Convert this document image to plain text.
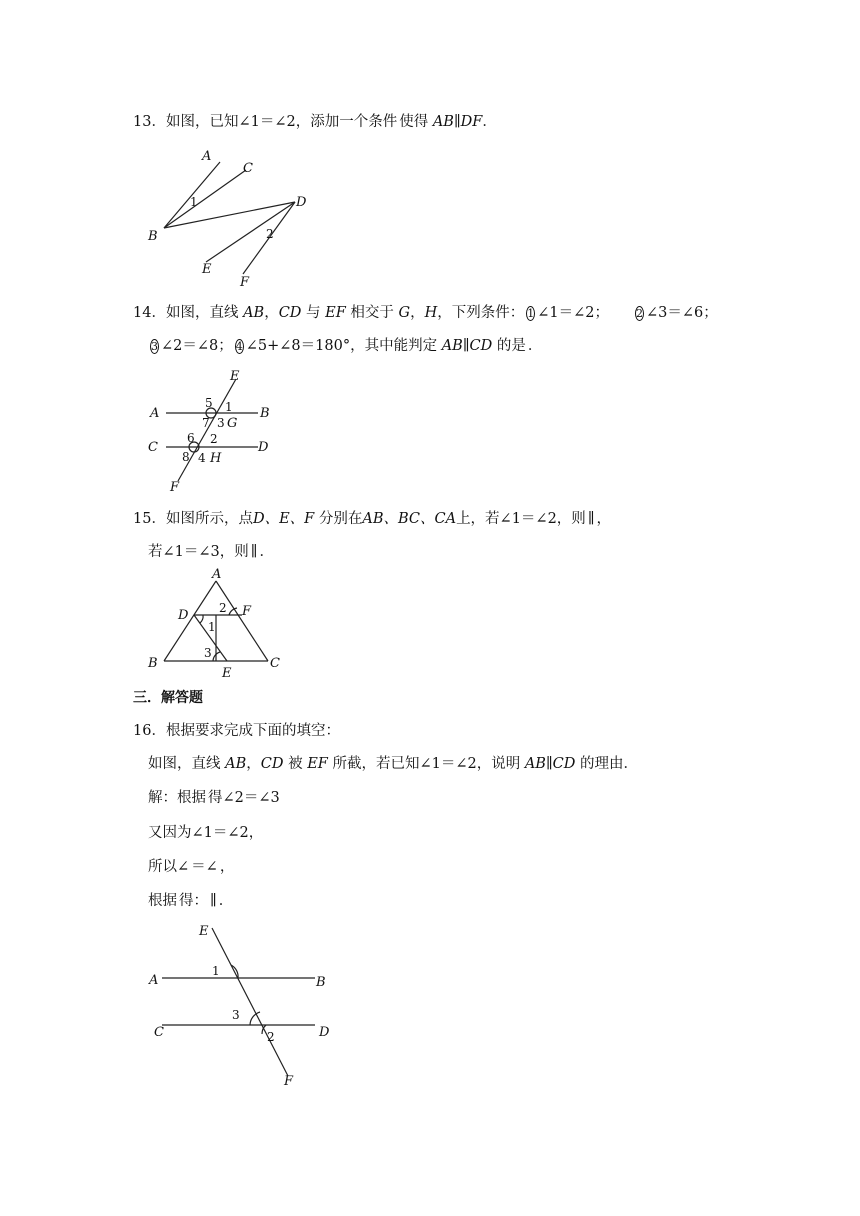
13．如图，已知∠1＝∠2，添加一个条件 使得 AB∥DF．
A
C
B
D
E
F
1
2
14．如图，直线 AB，CD 与 EF 相交于 G，H，下列条件： 1 ∠1＝∠2； 2 ∠3＝∠6；
3 ∠2＝∠8； 4 ∠5+∠8＝180°，其中能判定 AB∥CD 的是 ．
E
A	B
C	D
F
G
H
5 1
7 3
6 2
8 4
15．如图所示，点D、E、F 分别在AB、BC、CA上，若∠1＝∠2，则 ∥ ，
若∠1＝∠3，则 ∥ ．
A
D	F
B	C
E
2
1
3
三．解答题
16．根据要求完成下面的填空：
如图，直线 AB，CD 被 EF 所截，若已知∠1＝∠2，说明 AB∥CD 的理由．
解：根据 得∠2＝∠3
又因为∠1＝∠2，
所以∠ ＝∠ ，
根据 得： ∥ ．
E
A	B
C	D
F
1
3
2
